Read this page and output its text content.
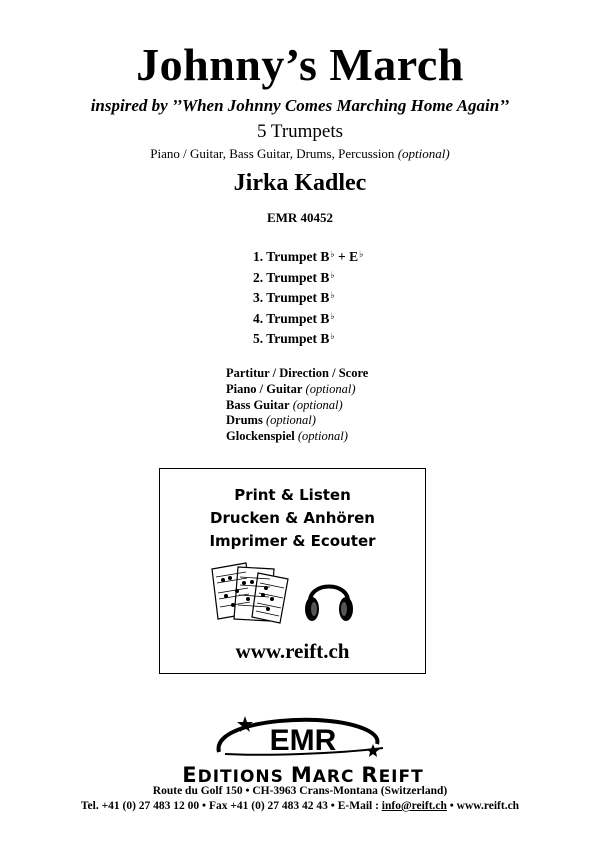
Johnny’s March
inspired by ’’When Johnny Comes Marching Home Again’’
5 Trumpets
Piano / Guitar, Bass Guitar, Drums, Percussion (optional)
Jirka Kadlec
EMR 40452
1. Trumpet B♭ + E♭
2. Trumpet B♭
3. Trumpet B♭
4. Trumpet B♭
5. Trumpet B♭
Partitur / Direction / Score
Piano / Guitar (optional)
Bass Guitar (optional)
Drums (optional)
Glockenspiel (optional)
Print & Listen
Drucken & Anhören
Imprimer & Ecouter
www.reift.ch
EMR
EDITIONS MARC REIFT
Route du Golf 150 • CH-3963 Crans-Montana (Switzerland)
Tel. +41 (0) 27 483 12 00 • Fax +41 (0) 27 483 42 43 • E-Mail : info@reift.ch • www.reift.ch
